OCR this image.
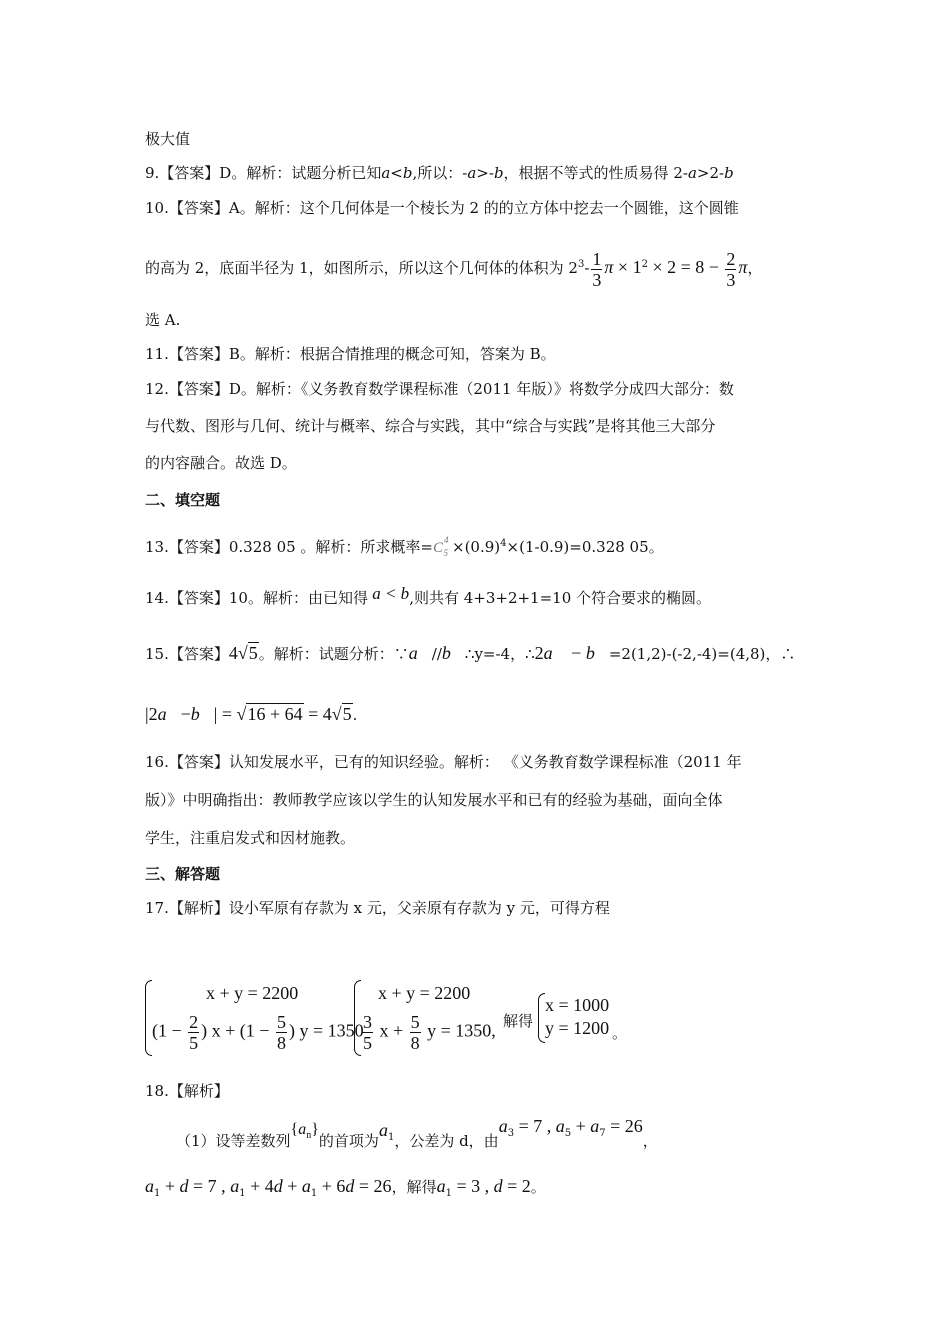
极大值
9.【答案】D。解析：试题分析已知a<b,所以：-a>-b，根据不等式的性质易得 2-a>2-b
10.【答案】A。解析：这个几何体是一个棱长为 2 的的立方体中挖去一个圆锥，这个圆锥
的高为 2，底面半径为 1，如图所示，所以这个几何体的体积为 $2^3- \frac{1}{3}$ $\pi \times 1^2 \times 2 = 8 - \frac{2}{3}$ π，
选 A.
11.【答案】B。解析：根据合情推理的概念可知，答案为 B。
12.【答案】D。解析：《义务教育数学课程标准（2011 年版）》将数学分成四大部分：数
与代数、图形与几何、统计与概率、综合与实践，其中“综合与实践”是将其他三大部分
的内容融合。故选 D。
二、填空题
13.【答案】0.328 05 。解析：所求概率$=C^4_5 \times(0.9)^4\times(1-0.9)=0.328$ 05。
14.【答案】10。解析：由已知得 a < b,则共有 4+3+2+1=10 个符合要求的椭圆。
15.【答案】4√5。解析：试题分析：∵a⃗//b⃗∴y=-4，∴2a⃗ − b⃗=2(1,2)-(-2,-4)=(4,8)，∴
|2a⃗−b⃗| = √16 + 64 = 4√5.
16.【答案】认知发展水平，已有的知识经验。解析： 《义务教育数学课程标准（2011 年
版）》中明确指出：教师教学应该以学生的认知发展水平和已有的经验为基础，面向全体
学生，注重启发式和因材施教。
三、解答题
17.【解析】设小军原有存款为 x 元，父亲原有存款为 y 元，可得方程
x + y = 2200
($1 - \frac{2}{5}$ ) $x + (1 - \frac{5}{8}$ ) y = 1350
x + y = 2200
$\frac{3}{5}$ $x + \frac{5}{8}$ y = 1350, 解得
x = 1000
y = 1200 。
18.【解析】
（1）设等差数列$\{a_n\}$的首项为$a_1$，公差为 d，由$a_3 = 7$ , $a_5 + a_7 = 26$，
$a_1 + d = 7$ , $a_1 + 4d + a_1 + 6d = 26$，解得$a_1 = 3$ , d = 2。
